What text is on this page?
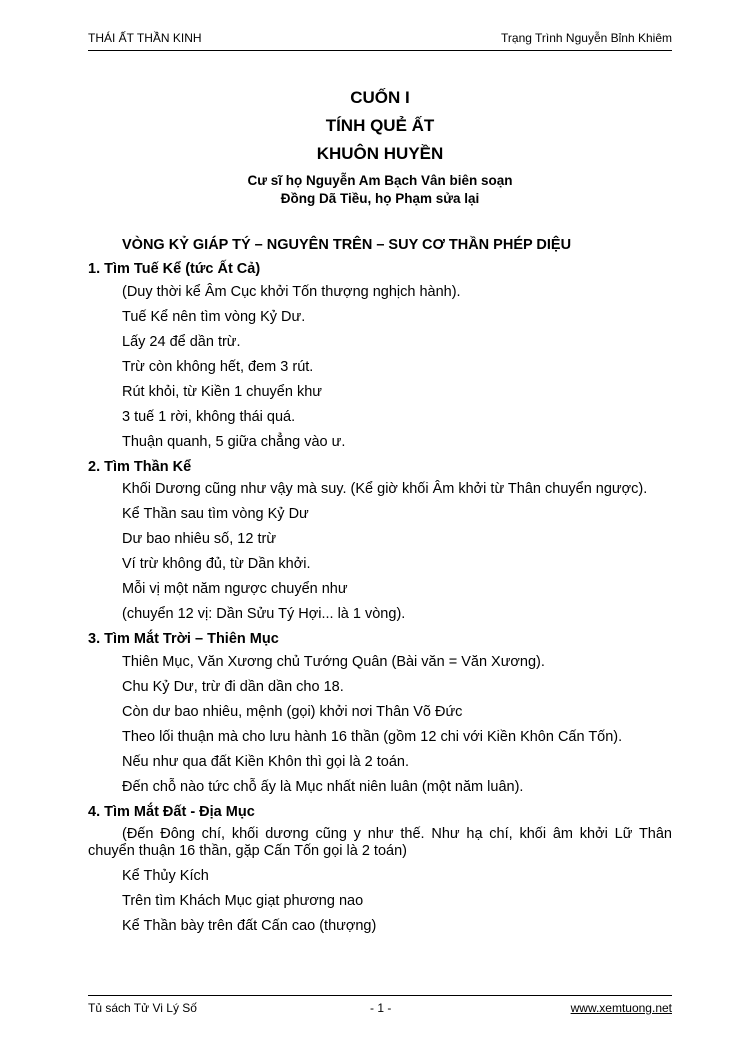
THÁI ẤT THẦN KINH	Trạng Trình Nguyễn Bỉnh Khiêm
CUỐN I
TÍNH QUẺ ẤT
KHUÔN HUYỀN
Cư sĩ họ Nguyễn Am Bạch Vân biên soạn
Đồng Dã Tiều, họ Phạm sửa lại
VÒNG KỶ GIÁP TÝ – NGUYÊN TRÊN – SUY CƠ THẦN PHÉP DIỆU
1. Tìm Tuế Kể (tức Ất Cả)
(Duy thời kể Âm Cục khởi Tốn thượng nghịch hành).
Tuế Kể nên tìm vòng Kỷ Dư.
Lấy 24 để dần trừ.
Trừ còn không hết, đem 3 rút.
Rút khỏi, từ Kiền 1 chuyển khư
3 tuế 1 rời, không thái quá.
Thuận quanh, 5 giữa chẳng vào ư.
2. Tìm Thần Kể
Khối Dương cũng như vậy mà suy. (Kể giờ khối Âm khởi từ Thân chuyển ngược).
Kể Thần sau tìm vòng Kỷ Dư
Dư bao nhiêu số, 12 trừ
Ví trừ không đủ, từ Dần khởi.
Mỗi vị một năm ngược chuyển như
(chuyển 12 vị: Dần Sửu Tý Hợi... là 1 vòng).
3. Tìm Mắt Trời – Thiên Mục
Thiên Mục, Văn Xương chủ Tướng Quân (Bài văn = Văn Xương).
Chu Kỷ Dư, trừ đi dần dần cho 18.
Còn dư bao nhiêu, mệnh (gọi) khởi nơi Thân Võ Đức
Theo lối thuận mà cho lưu hành 16 thần (gồm 12 chi với Kiền Khôn Cấn Tốn).
Nếu như qua đất Kiền Khôn thì gọi là 2 toán.
Đến chỗ nào tức chỗ ấy là Mục nhất niên luân (một năm luân).
4. Tìm Mắt Đất - Địa Mục
(Đến Đông chí, khối dương cũng y như thế. Như hạ chí, khối âm khởi Lữ Thân chuyển thuận 16 thần, gặp Cấn Tốn gọi là 2 toán)
Kể Thủy Kích
Trên tìm Khách Mục giạt phương nao
Kể Thần bày trên đất Cấn cao (thượng)
Tủ sách Tử Vi Lý Số	- 1 -	www.xemtuong.net
